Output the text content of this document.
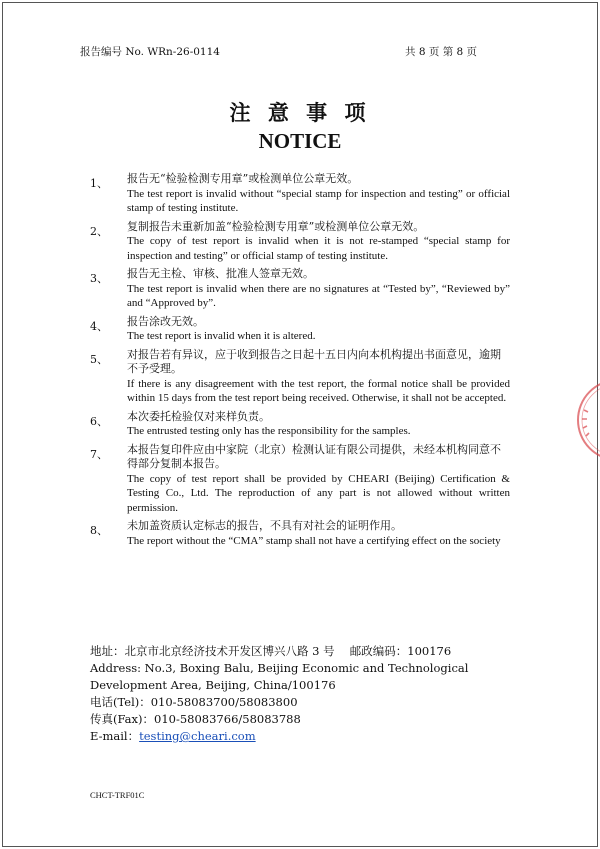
报告编号 No. WRn-26-0114	共 8 页 第 8 页
注 意 事 项
NOTICE
1、 报告无“检验检测专用章”或检测单位公章无效。
The test report is invalid without “special stamp for inspection and testing” or official stamp of testing institute.
2、 复制报告未重新加盖“检验检测专用章”或检测单位公章无效。
The copy of test report is invalid when it is not re-stamped “special stamp for inspection and testing” or official stamp of testing institute.
3、 报告无主检、审核、批准人签章无效。
The test report is invalid when there are no signatures at “Tested by”, “Reviewed by” and “Approved by”.
4、 报告涂改无效。
The test report is invalid when it is altered.
5、 对报告若有异议，应于收到报告之日起十五日内向本机构提出书面意见，逾期不予受理。
If there is any disagreement with the test report, the formal notice shall be provided within 15 days from the test report being received. Otherwise, it shall not be accepted.
6、 本次委托检验仅对来样负责。
The entrusted testing only has the responsibility for the samples.
7、 本报告复印件应由中家院（北京）检测认证有限公司提供，未经本机构同意不得部分复制本报告。
The copy of test report shall be provided by CHEARI (Beijing) Certification & Testing Co., Ltd. The reproduction of any part is not allowed without written permission.
8、 未加盖资质认定标志的报告，不具有对社会的证明作用。
The report without the “CMA” stamp shall not have a certifying effect on the society
地址：北京市北京经济技术开发区博兴八路 3 号　 邮政编码：100176
Address: No.3, Boxing Balu, Beijing Economic and Technological
Development Area, Beijing, China/100176
电话(Tel)：010-58083700/58083800
传真(Fax)：010-58083766/58083788
E-mail：testing@cheari.com
CHCT-TRF01C
